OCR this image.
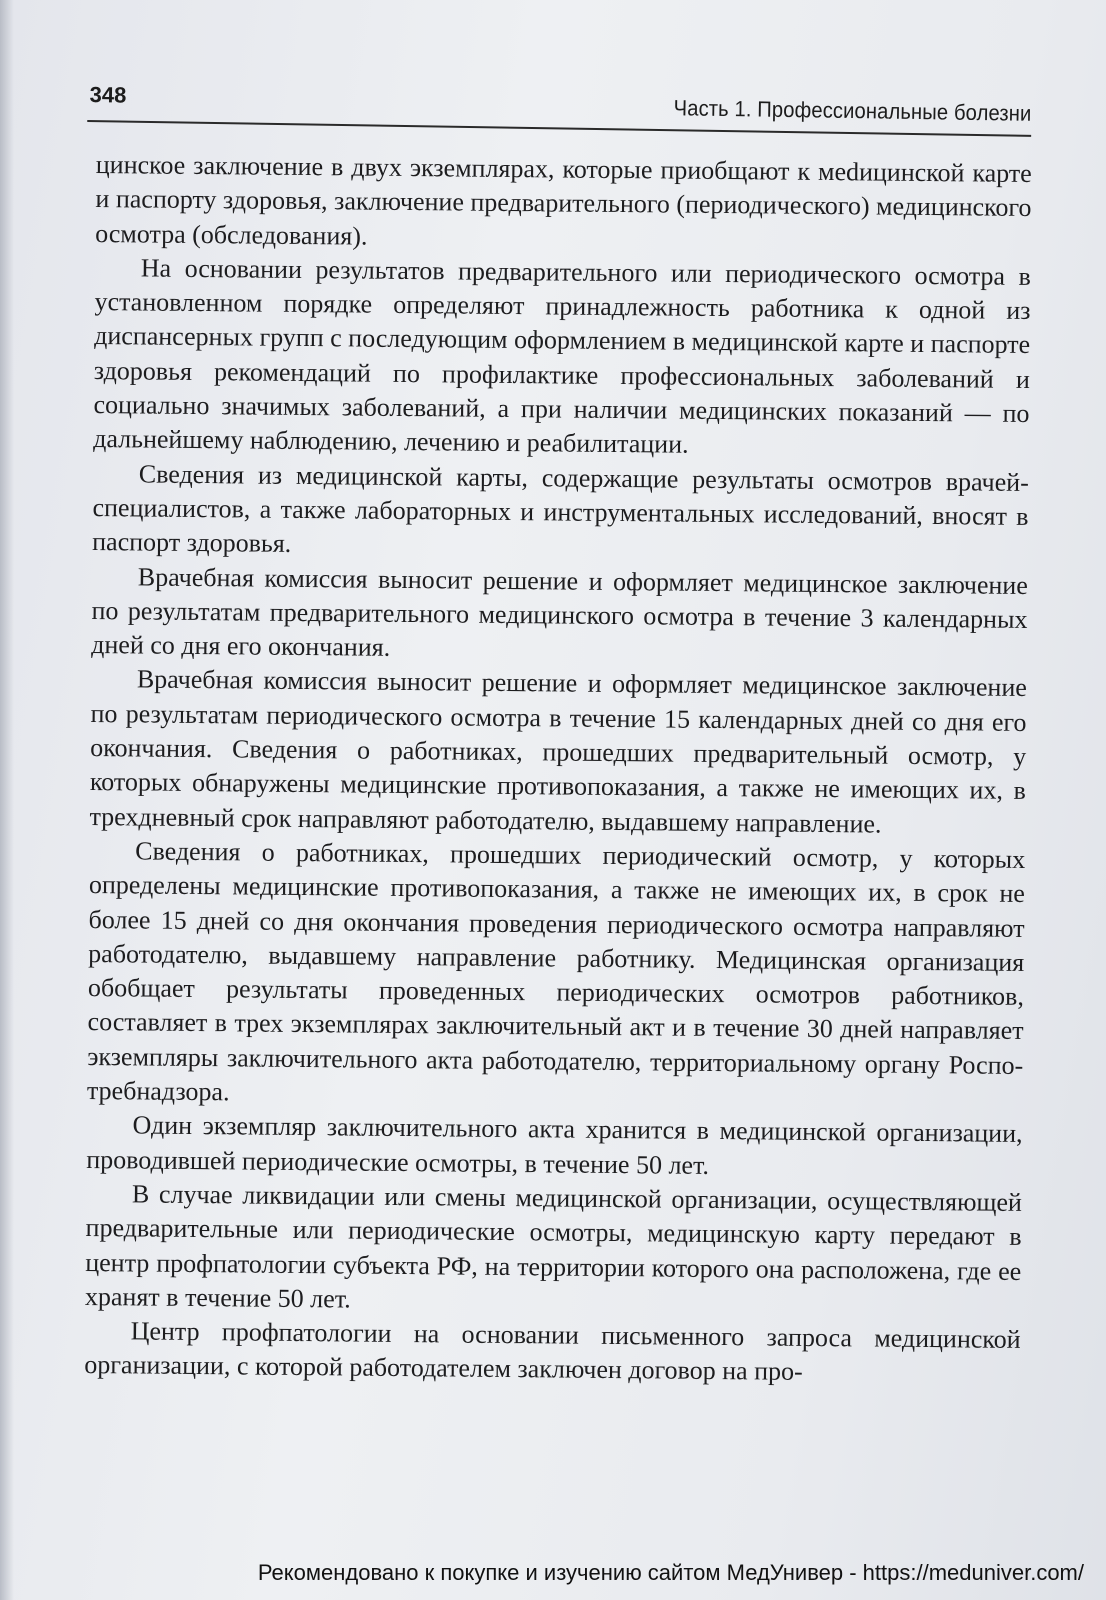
348
Часть 1. Профессиональные болезни

цинское заключение в двух экземплярах, которые приобщают к меdицинской карте и паспорту здоровья, заключение предварительного (периодического) медицинского осмотра (обследования).

На основании результатов предварительного или периодического осмотра в установленном порядке определяют принадлежность работника к одной из диспансерных групп с последующим оформлением в медицинской карте и паспорте здоровья рекомендаций по профилактике профессиональных заболеваний и социально значимых заболеваний, а при наличии медицинских показаний — по дальнейшему наблюдению, лечению и реабилитации.

Сведения из медицинской карты, содержащие результаты осмотров врачей-специалистов, а также лабораторных и инструментальных исследований, вносят в паспорт здоровья.

Врачебная комиссия выносит решение и оформляет медицинское заключение по результатам предварительного медицинского осмотра в течение 3 календарных дней со дня его окончания.

Врачебная комиссия выносит решение и оформляет медицинское заключение по результатам периодического осмотра в течение 15 календарных дней со дня его окончания. Сведения о работниках, прошедших предварительный осмотр, у которых обнаружены медицинские противопоказания, а также не имеющих их, в трехдневный срок направляют работодателю, выдавшему направление.

Сведения о работниках, прошедших периодический осмотр, у которых определены медицинские противопоказания, а также не имеющих их, в срок не более 15 дней со дня окончания проведения периодического осмотра направляют работодателю, выдавшему направление работнику. Медицинская организация обобщает результаты проведенных периодических осмотров работников, составляет в трех экземплярах заключительный акт и в течение 30 дней направляет экземпляры заключительного акта работодателю, территориальному органу Роспотребнадзора.

Один экземпляр заключительного акта хранится в медицинской организации, проводившей периодические осмотры, в течение 50 лет.

В случае ликвидации или смены медицинской организации, осуществляющей предварительные или периодические осмотры, медицинскую карту передают в центр профпатологии субъекта РФ, на территории которого она расположена, где ее хранят в течение 50 лет.

Центр профпатологии на основании письменного запроса медицинской организации, с которой работодателем заключен договор на про-

Рекомендовано к покупке и изучению сайтом МедУнивер - https://meduniver.com/
